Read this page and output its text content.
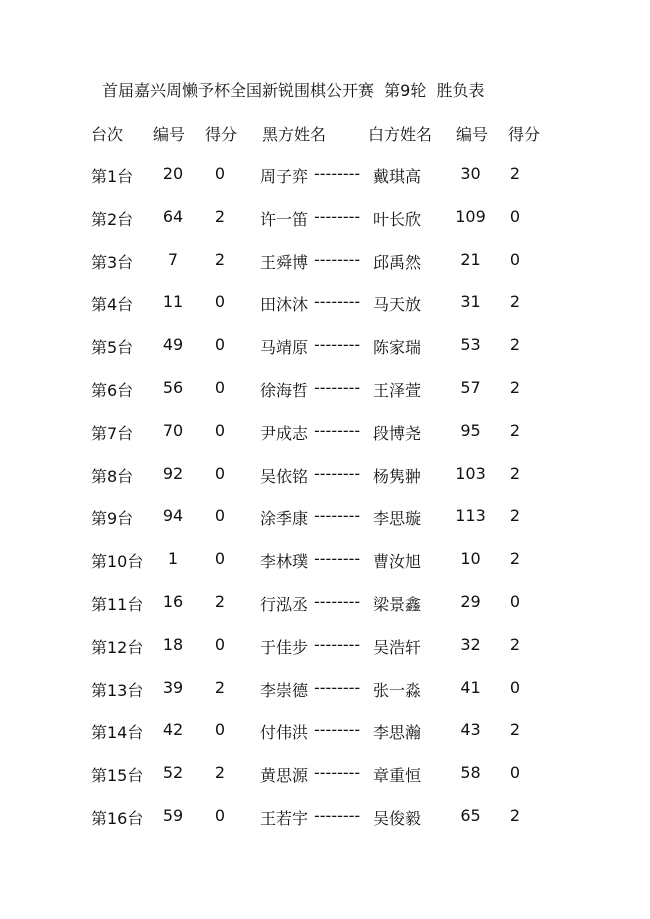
首届嘉兴周懒予杯全国新锐围棋公开赛  第9轮  胜负表
台次 编号 得分 黑方姓名	白方姓名 编号 得分
第1台	20	0	周子弈 -------- 戴琪高	30	2
第2台	64	2	许一笛 -------- 叶长欣	109	0
第3台	7	2	王舜博 -------- 邱禹然	21	0
第4台	11	0	田沐沐 -------- 马天放	31	2
第5台	49	0	马靖原 -------- 陈家瑞	53	2
第6台	56	0	徐海哲 -------- 王泽萱	57	2
第7台	70	0	尹成志 -------- 段博尧	95	2
第8台	92	0	吴依铭 -------- 杨隽翀	103	2
第9台	94	0	涂季康 -------- 李思璇	113	2
第10台	1	0	李林璞 -------- 曹汝旭	10	2
第11台	16	2	行泓丞 -------- 梁景鑫	29	0
第12台	18	0	于佳步 -------- 吴浩轩	32	2
第13台	39	2	李崇德 -------- 张一淼	41	0
第14台	42	0	付伟洪 -------- 李思瀚	43	2
第15台	52	2	黄思源 -------- 章重恒	58	0
第16台	59	0	王若宇 -------- 吴俊毅	65	2
